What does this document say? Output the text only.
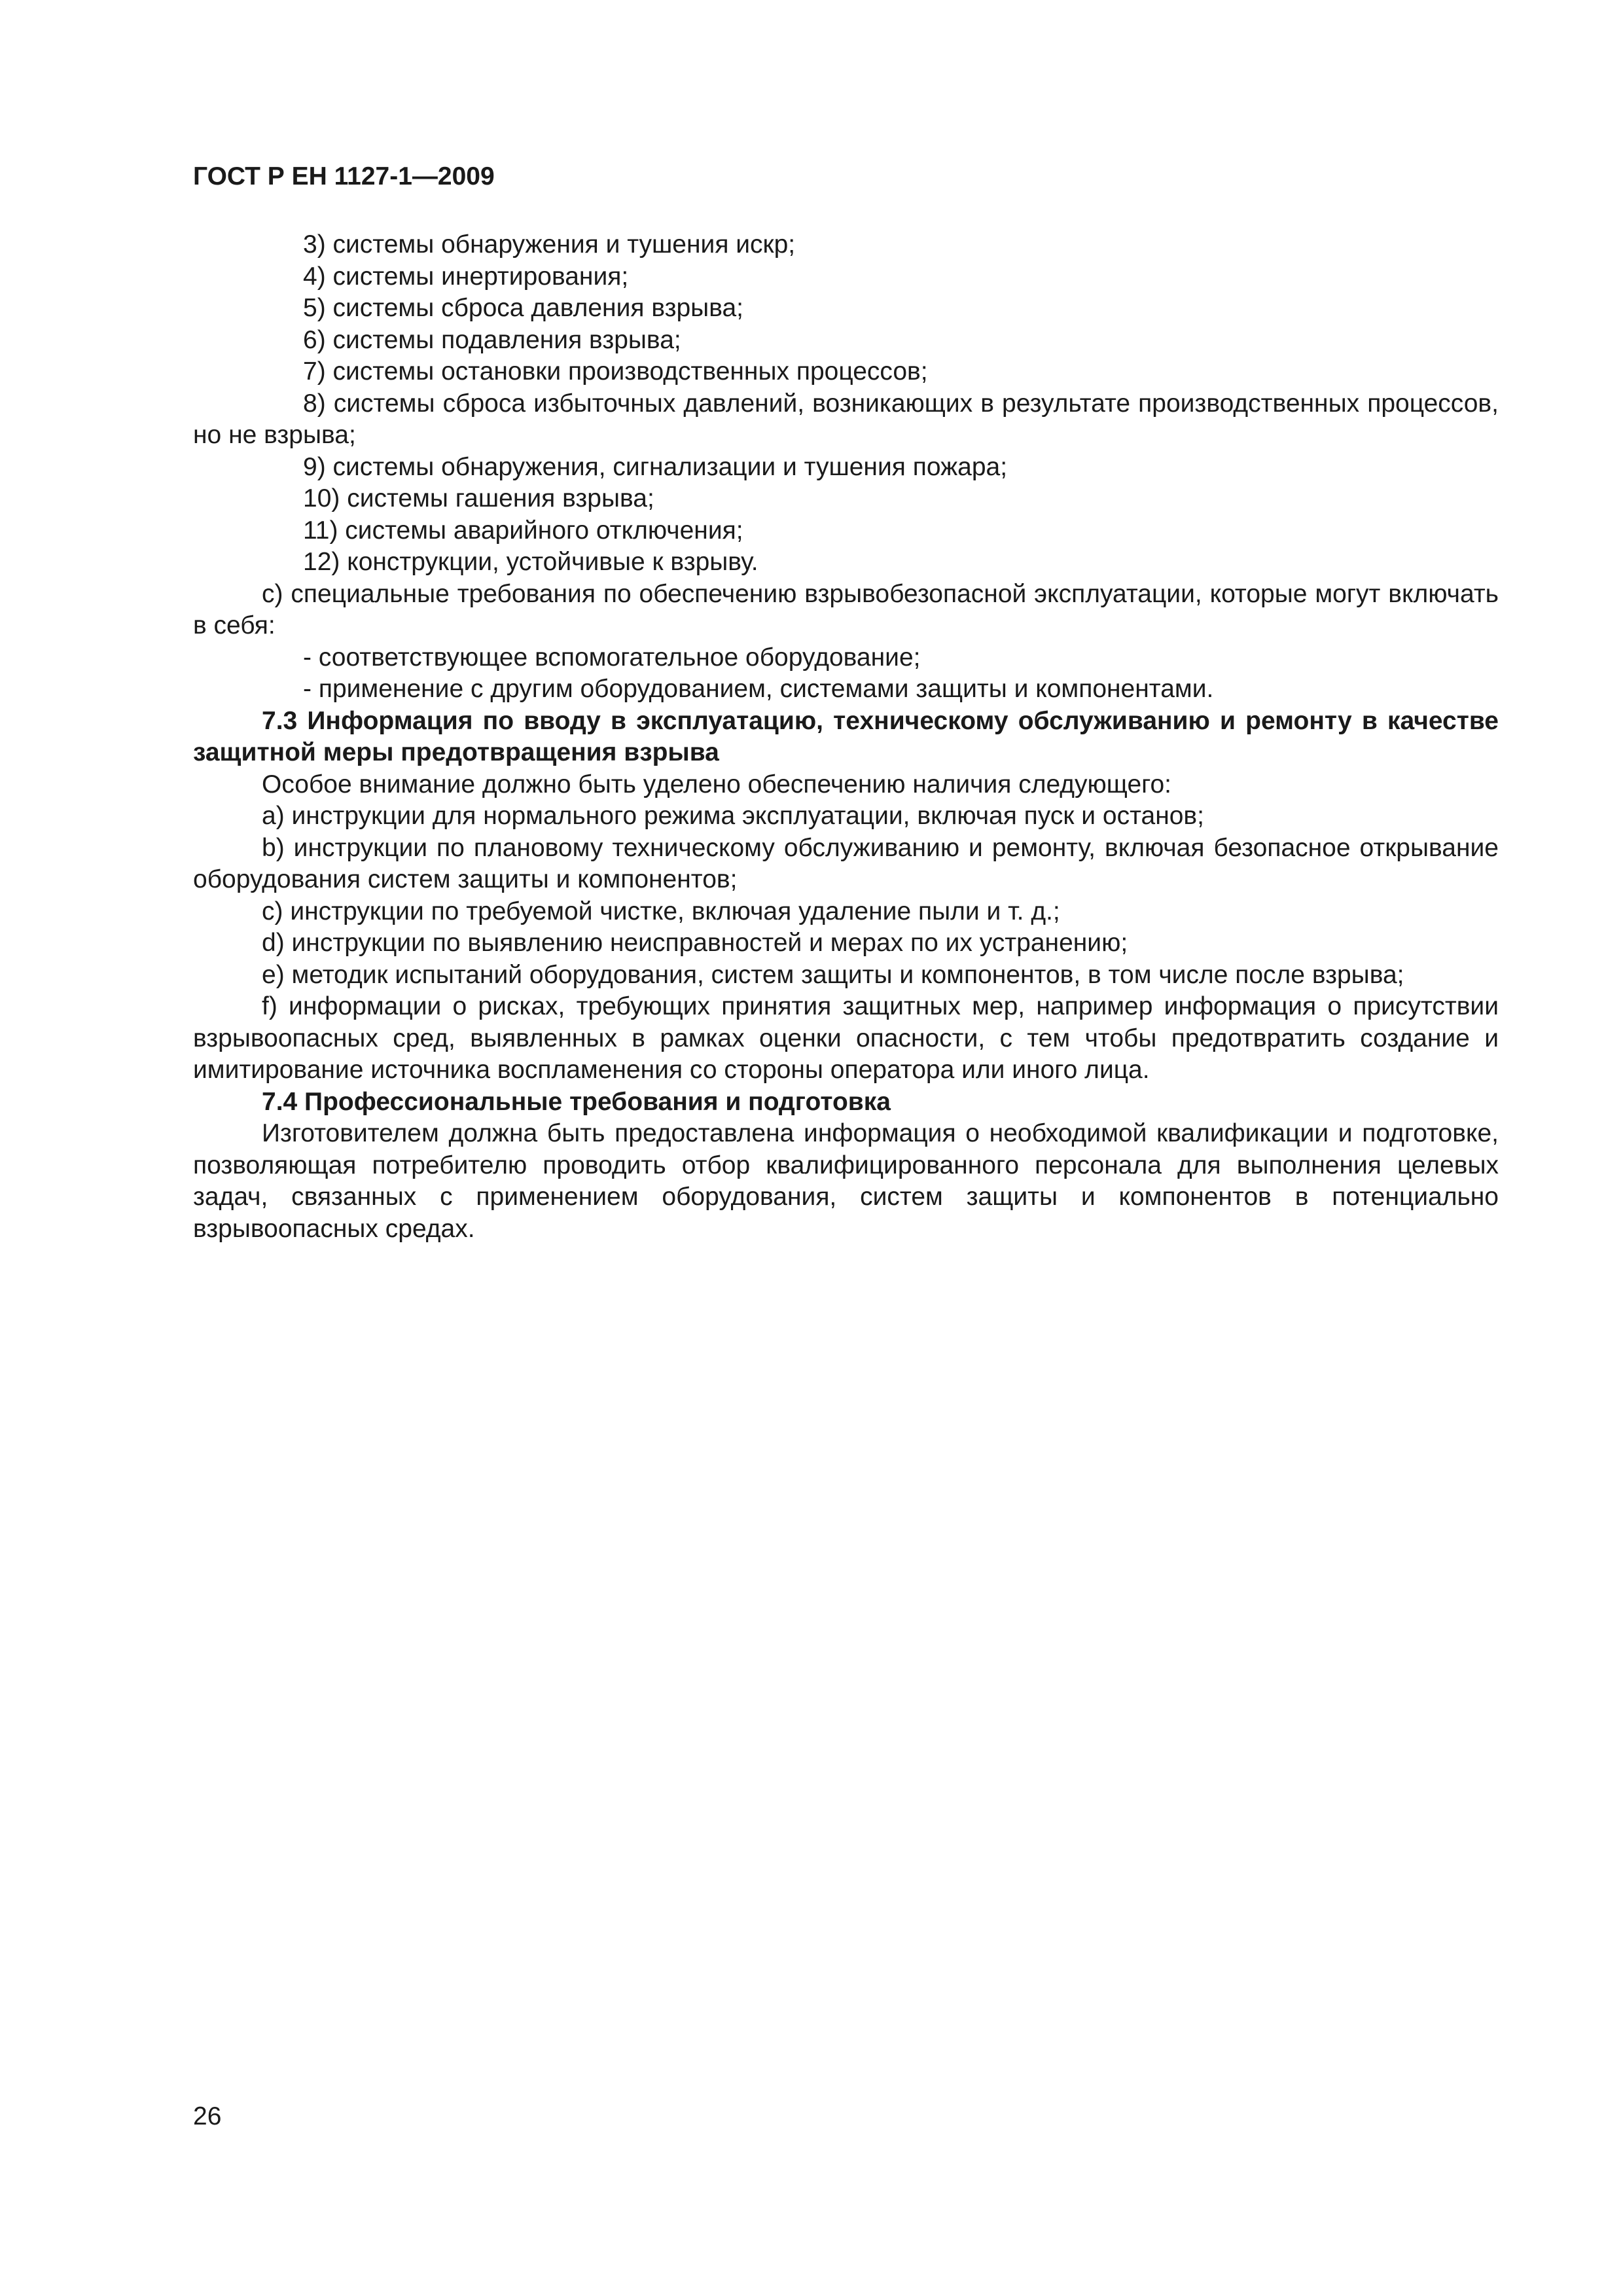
ГОСТ Р ЕН 1127-1—2009
3) системы обнаружения и тушения искр;
4) системы инертирования;
5) системы сброса давления взрыва;
6) системы подавления взрыва;
7) системы остановки производственных процессов;

8) системы сброса избыточных давлений, возникающих в результате производственных процессов, но не взрыва;

9) системы обнаружения, сигнализации и тушения пожара;
10) системы гашения взрыва;
11) системы аварийного отключения;
12) конструкции, устойчивые к взрыву.

с) специальные требования по обеспечению взрывобезопасной эксплуатации, которые могут включать в себя:

- соответствующее вспомогательное оборудование;
- применение с другим оборудованием, системами защиты и компонентами.

7.3 Информация по вводу в эксплуатацию, техническому обслуживанию и ремонту в качестве защитной меры предотвращения взрыва

Особое внимание должно быть уделено обеспечению наличия следующего:

а) инструкции для нормального режима эксплуатации, включая пуск и останов;

b) инструкции по плановому техническому обслуживанию и ремонту, включая безопасное открывание оборудования систем защиты и компонентов;

с) инструкции по требуемой чистке, включая удаление пыли и т. д.;

d) инструкции по выявлению неисправностей и мерах по их устранению;

е) методик испытаний оборудования, систем защиты и компонентов, в том числе после взрыва;

f) информации о рисках, требующих принятия защитных мер, например информация о присутствии взрывоопасных сред, выявленных в рамках оценки опасности, с тем чтобы предотвратить создание и имитирование источника воспламенения со стороны оператора или иного лица.

7.4 Профессиональные требования и подготовка

Изготовителем должна быть предоставлена информация о необходимой квалификации и подготовке, позволяющая потребителю проводить отбор квалифицированного персонала для выполнения целевых задач, связанных с применением оборудования, систем защиты и компонентов в потенциально взрывоопасных средах.

26
